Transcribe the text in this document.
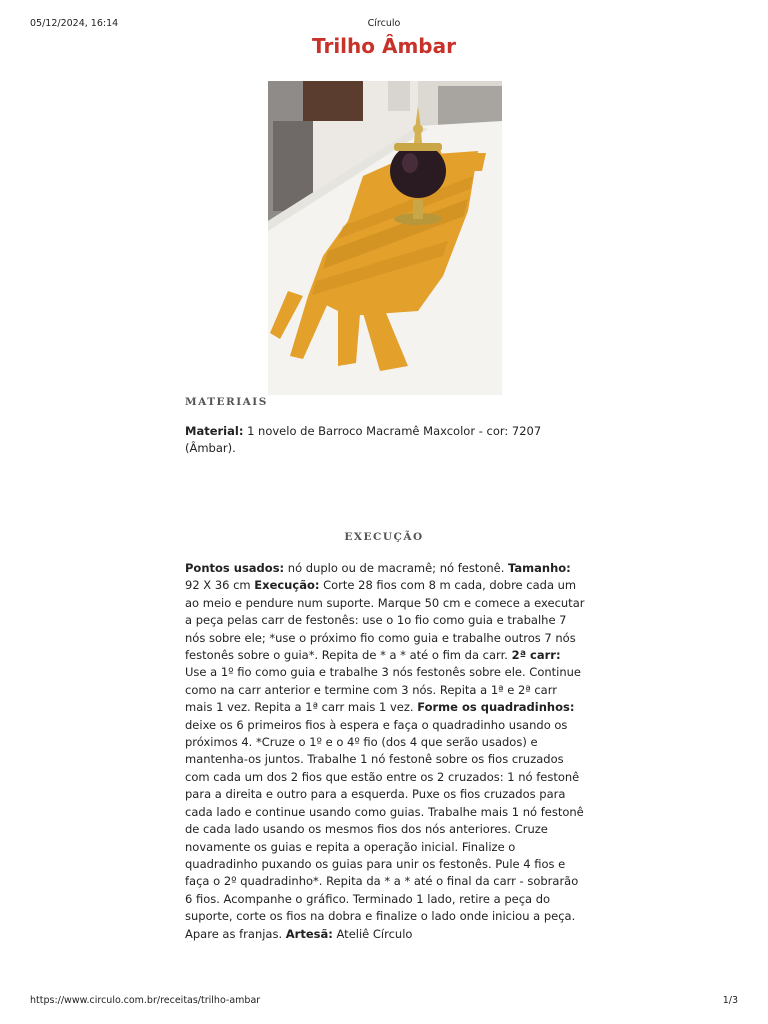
05/12/2024, 16:14	Círculo
Trilho Âmbar
MATERIAIS
Material: 1 novelo de Barroco Macramê Maxcolor - cor: 7207 (Âmbar).
EXECUÇÃO
Pontos usados: nó duplo ou de macramê; nó festonê. Tamanho: 92 X 36 cm Execução: Corte 28 fios com 8 m cada, dobre cada um ao meio e pendure num suporte. Marque 50 cm e comece a executar a peça pelas carr de festonês: use o 1o fio como guia e trabalhe 7 nós sobre ele; *use o próximo fio como guia e trabalhe outros 7 nós festonês sobre o guia*. Repita de * a * até o fim da carr. 2ª carr: Use a 1º fio como guia e trabalhe 3 nós festonês sobre ele. Continue como na carr anterior e termine com 3 nós. Repita a 1ª e 2ª carr mais 1 vez. Repita a 1ª carr mais 1 vez. Forme os quadradinhos: deixe os 6 primeiros fios à espera e faça o quadradinho usando os próximos 4. *Cruze o 1º e o 4º fio (dos 4 que serão usados) e mantenha-os juntos. Trabalhe 1 nó festonê sobre os fios cruzados com cada um dos 2 fios que estão entre os 2 cruzados: 1 nó festonê para a direita e outro para a esquerda. Puxe os fios cruzados para cada lado e continue usando como guias. Trabalhe mais 1 nó festonê de cada lado usando os mesmos fios dos nós anteriores. Cruze novamente os guias e repita a operação inicial. Finalize o quadradinho puxando os guias para unir os festonês. Pule 4 fios e faça o 2º quadradinho*. Repita da * a * até o final da carr - sobrarão 6 fios. Acompanhe o gráfico. Terminado 1 lado, retire a peça do suporte, corte os fios na dobra e finalize o lado onde iniciou a peça. Apare as franjas. Artesã: Ateliê Círculo
https://www.circulo.com.br/receitas/trilho-ambar	1/3
